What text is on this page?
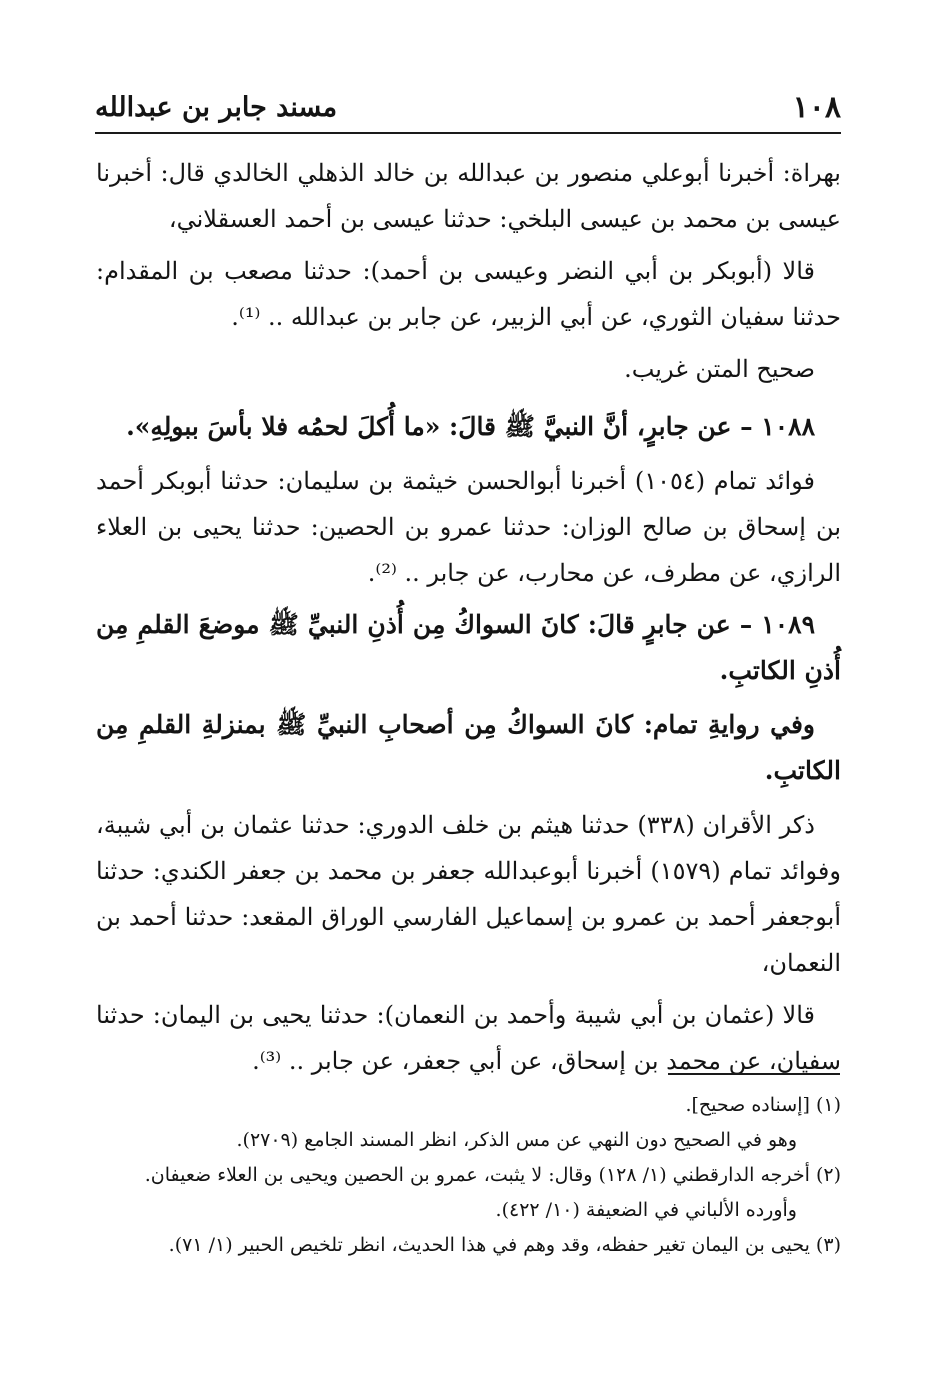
١٠٨
مسند جابر بن عبدالله

بهراة: أخبرنا أبوعلي منصور بن عبدالله بن خالد الذهلي الخالدي قال: أخبرنا عيسى بن محمد بن عيسى البلخي: حدثنا عيسى بن أحمد العسقلاني،

قالا (أبوبكر بن أبي النضر وعيسى بن أحمد): حدثنا مصعب بن المقدام: حدثنا سفيان الثوري، عن أبي الزبير، عن جابر بن عبدالله .. ⁽¹⁾.

صحيح المتن غريب.

١٠٨٨ – عن جابرٍ، أنَّ النبيَّ ﷺ قالَ: «ما أُكلَ لحمُه فلا بأسَ ببولِهِ».

فوائد تمام (١٠٥٤) أخبرنا أبوالحسن خيثمة بن سليمان: حدثنا أبوبكر أحمد بن إسحاق بن صالح الوزان: حدثنا عمرو بن الحصين: حدثنا يحيى بن العلاء الرازي، عن مطرف، عن محارب، عن جابر .. ⁽²⁾.

١٠٨٩ – عن جابرٍ قالَ: كانَ السواكُ مِن أُذنِ النبيِّ ﷺ موضعَ القلمِ مِن أُذنِ الكاتبِ.

وفي روايةِ تمام: كانَ السواكُ مِن أصحابِ النبيِّ ﷺ بمنزلةِ القلمِ مِن الكاتبِ.

ذكر الأقران (٣٣٨) حدثنا هيثم بن خلف الدوري: حدثنا عثمان بن أبي شيبة، وفوائد تمام (١٥٧٩) أخبرنا أبوعبدالله جعفر بن محمد بن جعفر الكندي: حدثنا أبوجعفر أحمد بن عمرو بن إسماعيل الفارسي الوراق المقعد: حدثنا أحمد بن النعمان،

قالا (عثمان بن أبي شيبة وأحمد بن النعمان): حدثنا يحيى بن اليمان: حدثنا سفيان، عن محمد بن إسحاق، عن أبي جعفر، عن جابر .. ⁽³⁾.

(١) [إسناده صحيح].

وهو في الصحيح دون النهي عن مس الذكر، انظر المسند الجامع (٢٧٠٩).

(٢) أخرجه الدارقطني (١/ ١٢٨) وقال: لا يثبت، عمرو بن الحصين ويحيى بن العلاء ضعيفان.

وأورده الألباني في الضعيفة (١٠/ ٤٢٢).

(٣) يحيى بن اليمان تغير حفظه، وقد وهم في هذا الحديث، انظر تلخيص الحبير (١/ ٧١).
